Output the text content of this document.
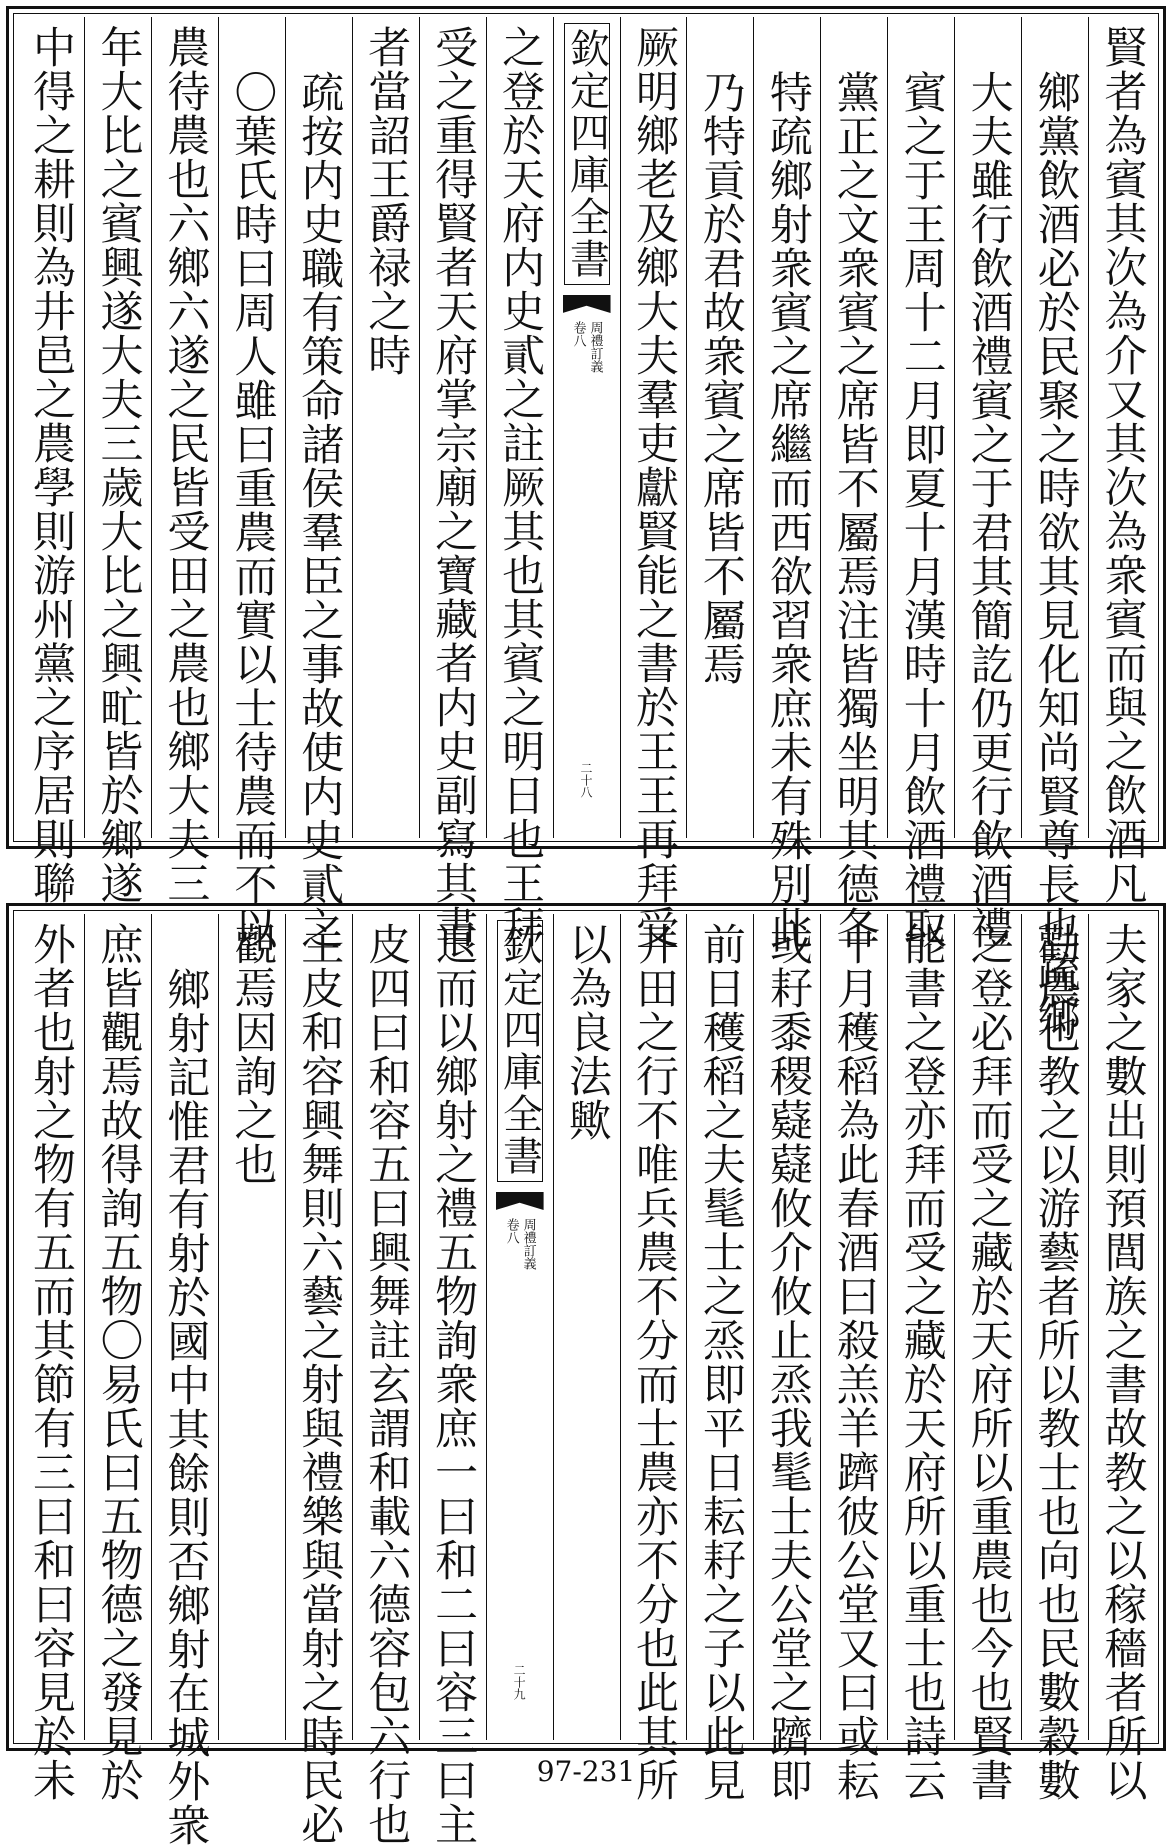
賢者為賓其次為介又其次為衆賓而與之飲酒凡
鄉黨飲酒必於民聚之時欲其見化知尚賢尊長也疏鄉
大夫雖行飲酒禮賓之于君其簡訖仍更行飲酒禮
賓之于王周十二月即夏十月漢時十月飲酒禮取
黨正之文衆賓之席皆不屬焉注皆獨坐明其德各
特疏鄉射衆賓之席繼而西欲習衆庶未有殊別此
乃特貢於君故衆賓之席皆不屬焉
厥明鄉老及鄉大夫羣吏獻賢能之書於王王再拜受
欽定四庫全書
周禮訂義
卷八
二十八
之登於天府内史貳之註厥其也其賓之明日也王拜
受之重得賢者天府掌宗廟之寶藏者内史副寫其書
者當詔王爵禄之時
疏按内史職有策命諸侯羣臣之事故使内史貳之
〇葉氏時曰周人雖曰重農而實以士待農而不以
農待農也六鄉六遂之民皆受田之農也鄉大夫三
年大比之賓興遂大夫三歲大比之興甿皆於鄉遂
中得之耕則為井邑之農學則游州黨之序居則聯
夫家之數出則預閭族之書故教之以稼穡者所以
勸農也教之以游藝者所以教士也向也民數穀數
之登必拜而受之藏於天府所以重農也今也賢書
能書之登亦拜而受之藏於天府所以重士也詩云
十月穫稻為此春酒曰殺羔羊躋彼公堂又曰或耘
或耔黍稷薿薿攸介攸止烝我髦士夫公堂之躋即
前日穫稻之夫髦士之烝即平日耘耔之子以此見
井田之行不唯兵農不分而士農亦不分也此其所
以為良法歟
欽定四庫全書
周禮訂義
卷八
二十九
退而以鄉射之禮五物詢衆庶一曰和二曰容三曰主
皮四曰和容五曰興舞註玄謂和載六德容包六行也
主皮和容興舞則六藝之射與禮樂與當射之時民必
觀焉因詢之也
鄉射記惟君有射於國中其餘則否鄉射在城外衆
庶皆觀焉故得詢五物〇易氏曰五物德之發見於
外者也射之物有五而其節有三曰和曰容見於未	97-231
